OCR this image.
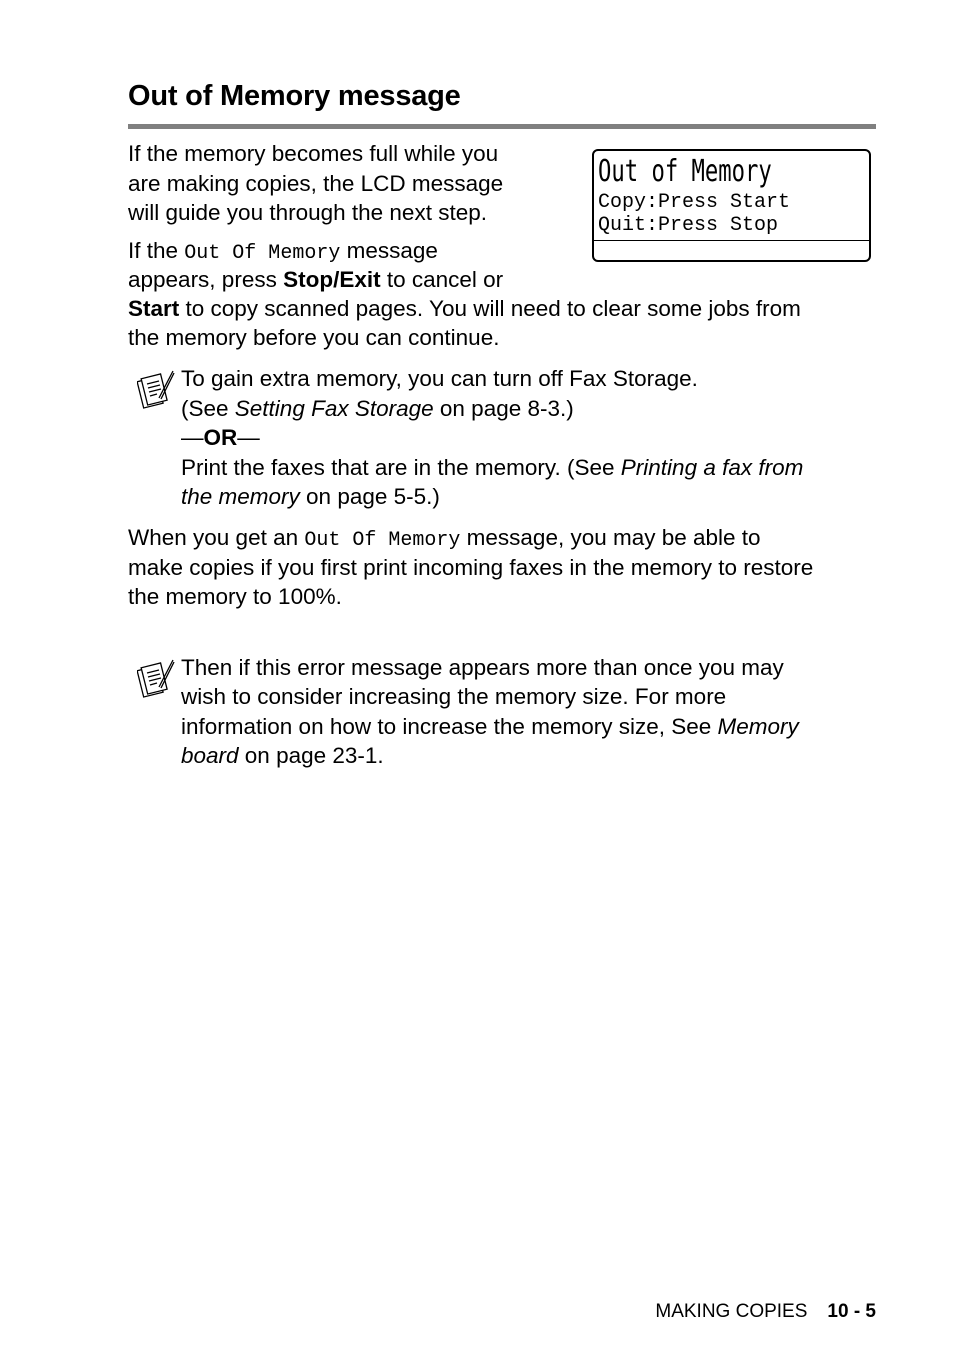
Out of Memory message
If the memory becomes full while you
are making copies, the LCD message
will guide you through the next step.
If the Out Of Memory message
appears, press Stop/Exit to cancel or
Start to copy scanned pages. You will need to clear some jobs from
the memory before you can continue.
Out of Memory
Copy:Press Start
Quit:Press Stop
To gain extra memory, you can turn off Fax Storage.
(See Setting Fax Storage on page 8-3.)
—OR—
Print the faxes that are in the memory. (See Printing a fax from
the memory on page 5-5.)
When you get an Out Of Memory message, you may be able to
make copies if you first print incoming faxes in the memory to restore
the memory to 100%.
Then if this error message appears more than once you may
wish to consider increasing the memory size. For more
information on how to increase the memory size, See Memory
board on page 23-1.
MAKING COPIES 10 - 5
